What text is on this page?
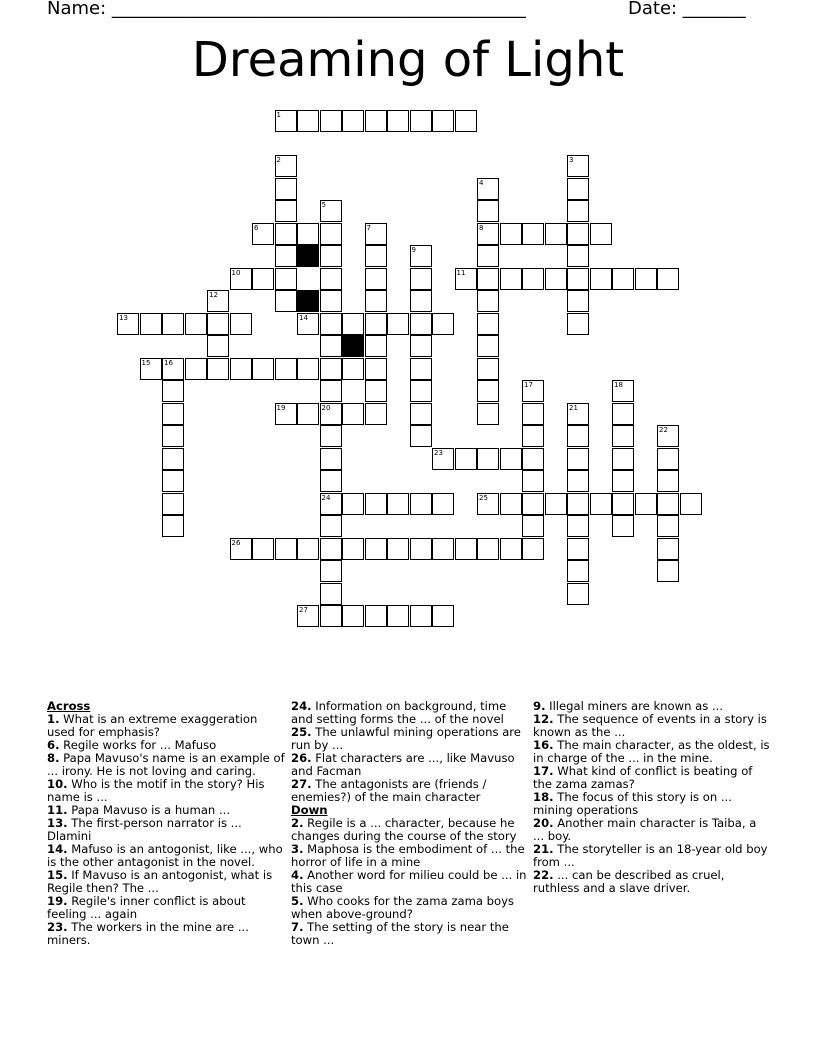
Name: ______________________________________________	Date: _______
Dreaming of Light
1
6	8
10	11
13	14
15 16
19	20
23
24	25
26
27
2	3
4
5
7
9
12
17	18
21
22
Across
1. What is an extreme exaggeration used for emphasis?
6. Regile works for ... Mafuso
8. Papa Mavuso's name is an example of ... irony. He is not loving and caring.
10. Who is the motif in the story? His name is ...
11. Papa Mavuso is a human ...
13. The first-person narrator is ... Dlamini
14. Mafuso is an antogonist, like ..., who is the other antagonist in the novel.
15. If Mavuso is an antogonist, what is Regile then? The ...
19. Regile's inner conflict is about feeling ... again
23. The workers in the mine are ... miners.
24. Information on background, time and setting forms the ... of the novel
25. The unlawful mining operations are run by ...
26. Flat characters are ..., like Mavuso and Facman
27. The antagonists are (friends / enemies?) of the main character
Down
2. Regile is a ... character, because he changes during the course of the story
3. Maphosa is the embodiment of ... the horror of life in a mine
4. Another word for milieu could be ... in this case
5. Who cooks for the zama zama boys when above-ground?
7. The setting of the story is near the town ...
9. Illegal miners are known as ...
12. The sequence of events in a story is known as the ...
16. The main character, as the oldest, is in charge of the ... in the mine.
17. What kind of conflict is beating of the zama zamas?
18. The focus of this story is on ... mining operations
20. Another main character is Taiba, a ... boy.
21. The storyteller is an 18-year old boy from ...
22. ... can be described as cruel, ruthless and a slave driver.
